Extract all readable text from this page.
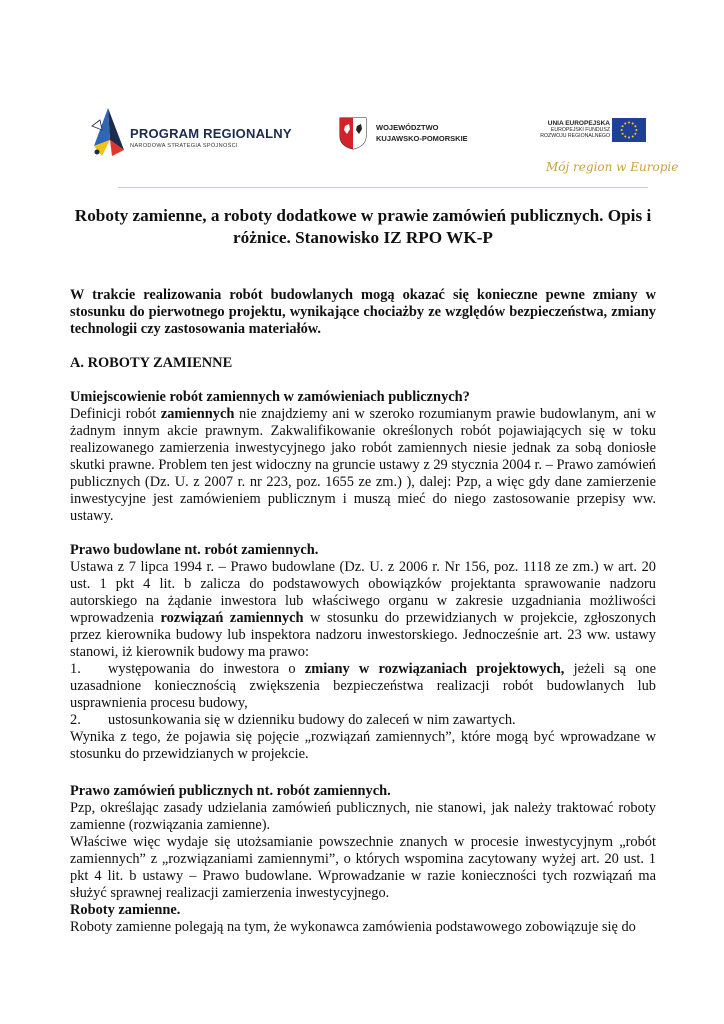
PROGRAM REGIONALNY
NARODOWA STRATEGIA SPÓJNOŚCI
WOJEWÓDZTWO
KUJAWSKO-POMORSKIE
UNIA EUROPEJSKA
EUROPEJSKI FUNDUSZ
ROZWOJU REGIONALNEGO
Mój region w Europie
Roboty zamienne, a roboty dodatkowe w prawie zamówień publicznych. Opis i różnice. Stanowisko IZ RPO WK-P

W trakcie realizowania robót budowlanych mogą okazać się konieczne pewne zmiany w stosunku do pierwotnego projektu, wynikające chociażby ze względów bezpieczeństwa, zmiany technologii czy zastosowania materiałów.

A. ROBOTY ZAMIENNE

Umiejscowienie robót zamiennych w zamówieniach publicznych?

Definicji robót zamiennych nie znajdziemy ani w szeroko rozumianym prawie budowlanym, ani w żadnym innym akcie prawnym. Zakwalifikowanie określonych robót pojawiających się w toku realizowanego zamierzenia inwestycyjnego jako robót zamiennych niesie jednak za sobą doniosłe skutki prawne. Problem ten jest widoczny na gruncie ustawy z 29 stycznia 2004 r. – Prawo zamówień publicznych (Dz. U. z 2007 r. nr 223, poz. 1655 ze zm.) ), dalej: Pzp, a więc gdy dane zamierzenie inwestycyjne jest zamówieniem publicznym i muszą mieć do niego zastosowanie przepisy ww. ustawy.

Prawo budowlane nt. robót zamiennych.

Ustawa z 7 lipca 1994 r. – Prawo budowlane (Dz. U. z 2006 r. Nr 156, poz. 1118 ze zm.) w art. 20 ust. 1 pkt 4 lit. b zalicza do podstawowych obowiązków projektanta sprawowanie nadzoru autorskiego na żądanie inwestora lub właściwego organu w zakresie uzgadniania możliwości wprowadzenia rozwiązań zamiennych w stosunku do przewidzianych w projekcie, zgłoszonych przez kierownika budowy lub inspektora nadzoru inwestorskiego. Jednocześnie art. 23 ww. ustawy stanowi, iż kierownik budowy ma prawo:

1. występowania do inwestora o zmiany w rozwiązaniach projektowych, jeżeli są one uzasadnione koniecznością zwiększenia bezpieczeństwa realizacji robót budowlanych lub usprawnienia procesu budowy,

2. ustosunkowania się w dzienniku budowy do zaleceń w nim zawartych.

Wynika z tego, że pojawia się pojęcie „rozwiązań zamiennych”, które mogą być wprowadzane w stosunku do przewidzianych w projekcie.

Prawo zamówień publicznych nt. robót zamiennych.

Pzp, określając zasady udzielania zamówień publicznych, nie stanowi, jak należy traktować roboty zamienne (rozwiązania zamienne).

Właściwe więc wydaje się utożsamianie powszechnie znanych w procesie inwestycyjnym „robót zamiennych” z „rozwiązaniami zamiennymi”, o których wspomina zacytowany wyżej art. 20 ust. 1 pkt 4 lit. b ustawy – Prawo budowlane. Wprowadzanie w razie konieczności tych rozwiązań ma służyć sprawnej realizacji zamierzenia inwestycyjnego.

Roboty zamienne.

Roboty zamienne polegają na tym, że wykonawca zamówienia podstawowego zobowiązuje się do
